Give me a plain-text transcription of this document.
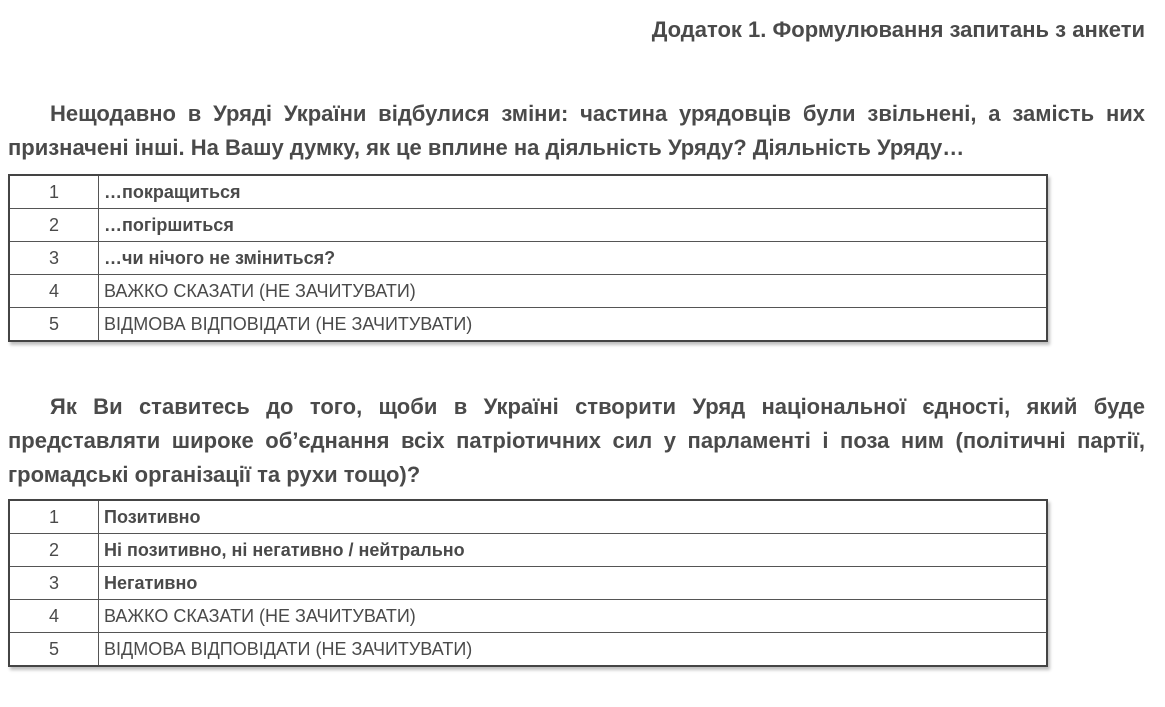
Додаток 1. Формулювання запитань з анкети

Нещодавно в Уряді України відбулися зміни: частина урядовців були звільнені, а замість них призначені інші. На Вашу думку, як це вплине на діяльність Уряду? Діяльність Уряду…

1	…покращиться
2	…погіршиться
3	…чи нічого не зміниться?
4	ВАЖКО СКАЗАТИ (НЕ ЗАЧИТУВАТИ)
5	ВІДМОВА ВІДПОВІДАТИ (НЕ ЗАЧИТУВАТИ)

Як Ви ставитесь до того, щоби в Україні створити Уряд національної єдності, який буде представляти широке об’єднання всіх патріотичних сил у парламенті і поза ним (політичні партії, громадські організації та рухи тощо)?

1	Позитивно
2	Ні позитивно, ні негативно / нейтрально
3	Негативно
4	ВАЖКО СКАЗАТИ (НЕ ЗАЧИТУВАТИ)
5	ВІДМОВА ВІДПОВІДАТИ (НЕ ЗАЧИТУВАТИ)
